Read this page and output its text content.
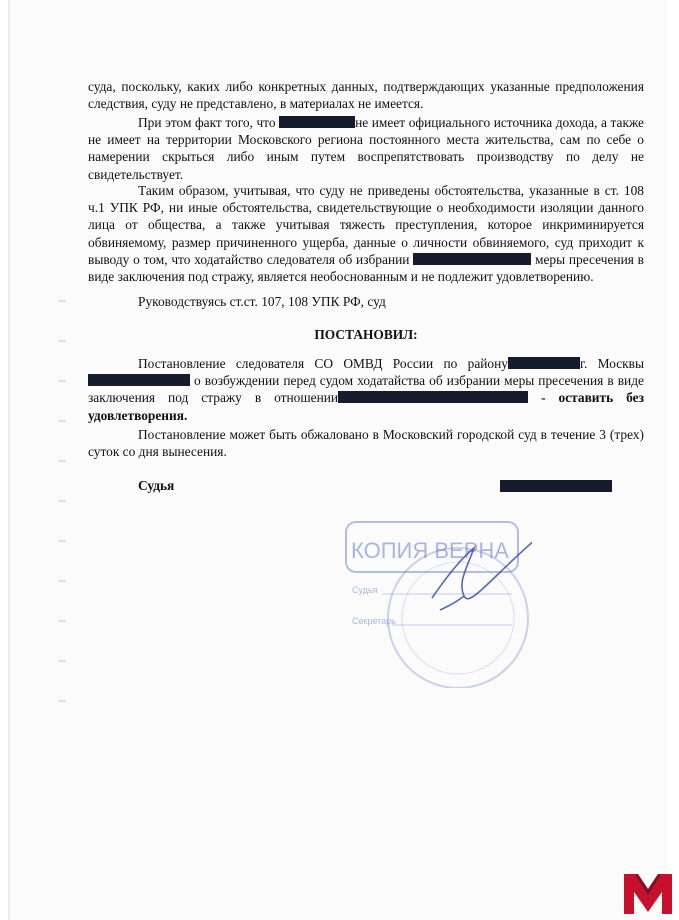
суда, поскольку, каких либо конкретных данных, подтверждающих указанные предположения следствия, суду не представлено, в материалах не имеется.

При этом факт того, что	не имеет официального источника дохода, а также не имеет на территории Московского региона постоянного места жительства, сам по себе о намерении скрыться либо иным путем воспрепятствовать производству по делу не свидетельствует.

Таким образом, учитывая, что суду не приведены обстоятельства, указанные в ст. 108 ч.1 УПК РФ, ни иные обстоятельства, свидетельствующие о необходимости изоляции данного лица от общества, а также учитывая тяжесть преступления, которое инкриминируется обвиняемому, размер причиненного ущерба, данные о личности обвиняемого, суд приходит к выводу о том, что ходатайство следователя об избрании	меры пресечения в виде заключения под стражу, является необоснованным и не подлежит удовлетворению.

Руководствуясь ст.ст. 107, 108 УПК РФ, суд

ПОСТАНОВИЛ:

Постановление следователя СО ОМВД России по району	г. Москвы  о возбуждении перед судом ходатайства об избрании меры пресечения в виде заключения под стражу в отношении	- оставить без удовлетворения.

Постановление может быть обжаловано в Московский городской суд в течение 3 (трех) суток со дня вынесения.

Судья
КОПИЯ ВЕРНА
Судья
Секретарь
